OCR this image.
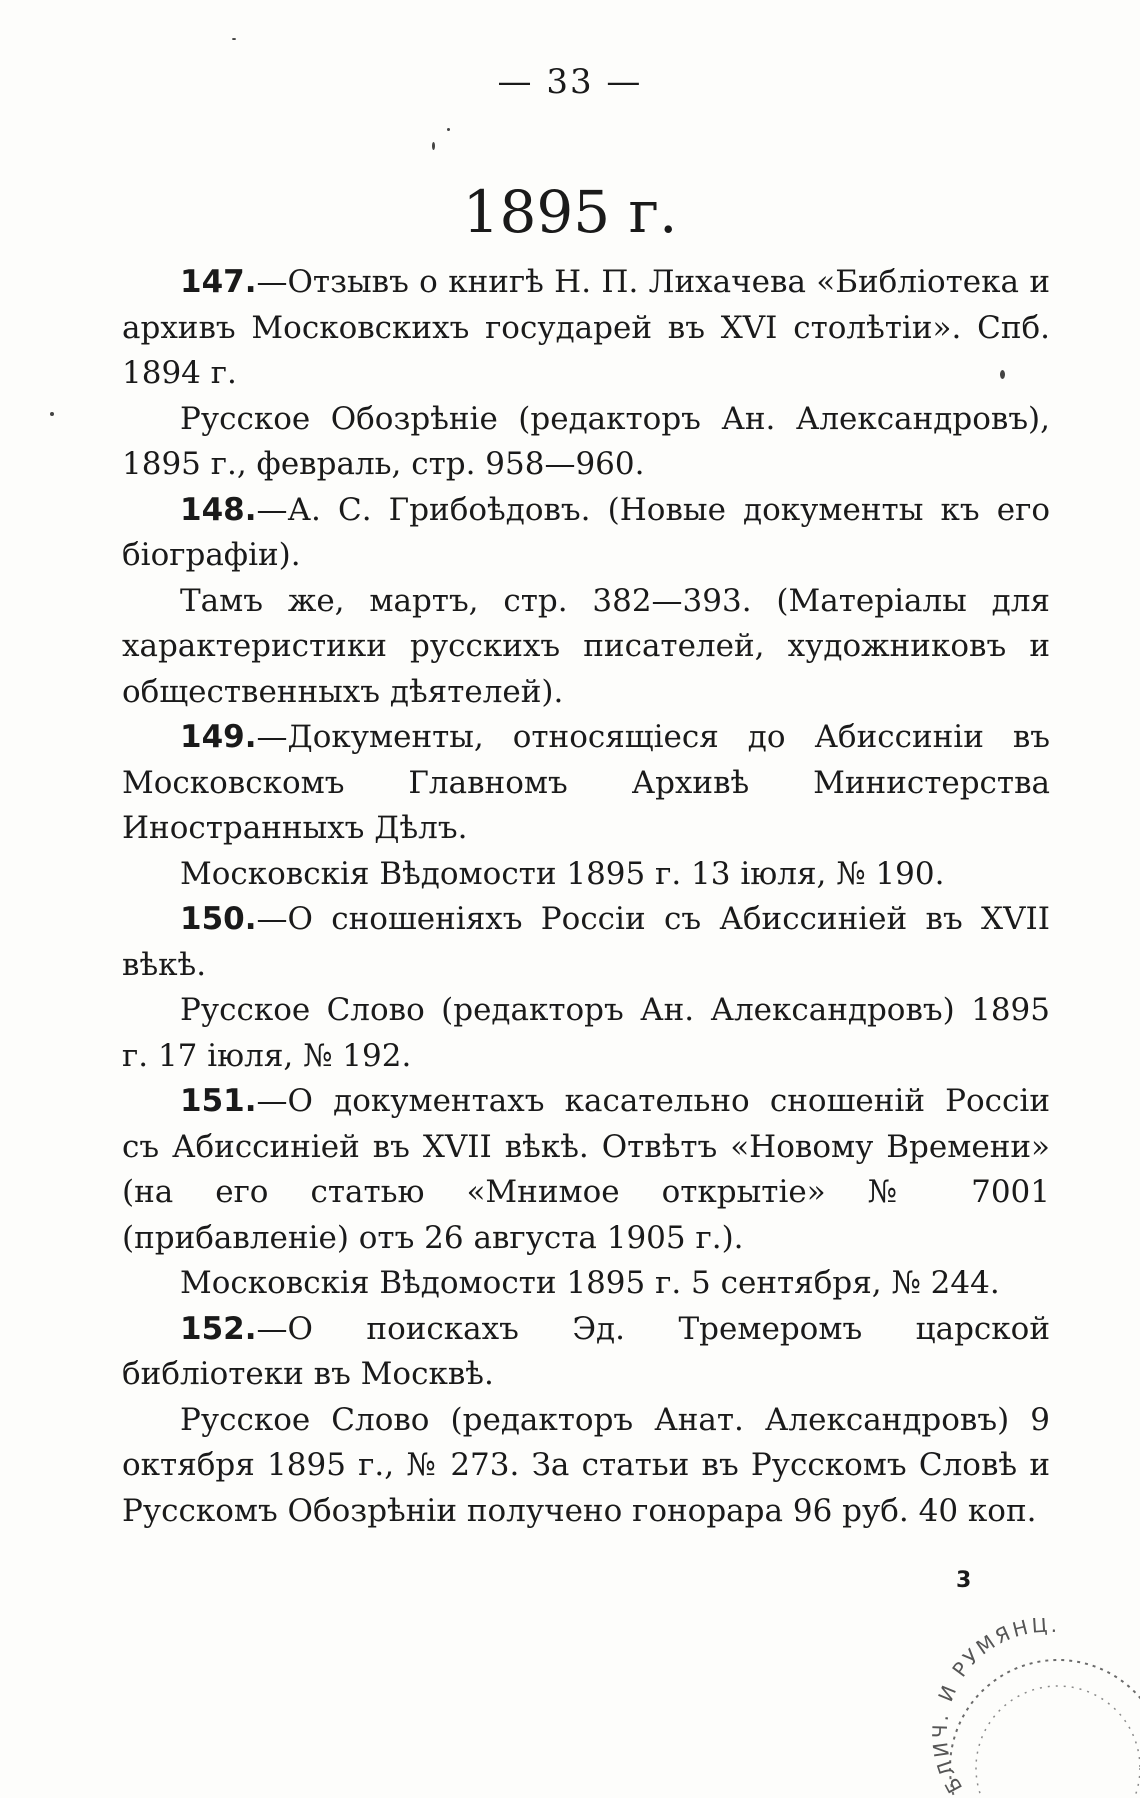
— 33 —
1895 г.

147.—Отзывъ о книгѣ Н. П. Лихачева «Библіотека и архивъ Московскихъ государей въ XVI столѣтіи». Спб. 1894 г.

Русское Обозрѣніе (редакторъ Ан. Александровъ), 1895 г., февраль, стр. 958—960.

148.—А. С. Грибоѣдовъ. (Новые документы къ его біографіи).

Тамъ же, мартъ, стр. 382—393. (Матеріалы для характеристики русскихъ писателей, художниковъ и общественныхъ дѣятелей).

149.—Документы, относящіеся до Абиссиніи въ Московскомъ Главномъ Архивѣ Министерства Иностранныхъ Дѣлъ.

Московскія Вѣдомости 1895 г. 13 іюля, № 190.

150.—О сношеніяхъ Россіи съ Абиссиніей въ XVII вѣкѣ.

Русское Слово (редакторъ Ан. Александровъ) 1895 г. 17 іюля, № 192.

151.—О документахъ касательно сношеній Россіи съ Абиссиніей въ XVII вѣкѣ. Отвѣтъ «Новому Времени» (на его статью «Мнимое открытіе» № 7001 (прибавленіе) отъ 26 августа 1905 г.).

Московскія Вѣдомости 1895 г. 5 сентября, № 244.

152.—О поискахъ Эд. Тремеромъ царской библіотеки въ Москвѣ.

Русское Слово (редакторъ Анат. Александровъ) 9 октября 1895 г., № 273. За статьи въ Русскомъ Словѣ и Русскомъ Обозрѣніи получено гонорара 96 руб. 40 коп.

3
БЛИЧ. И РУМЯНЦ.
